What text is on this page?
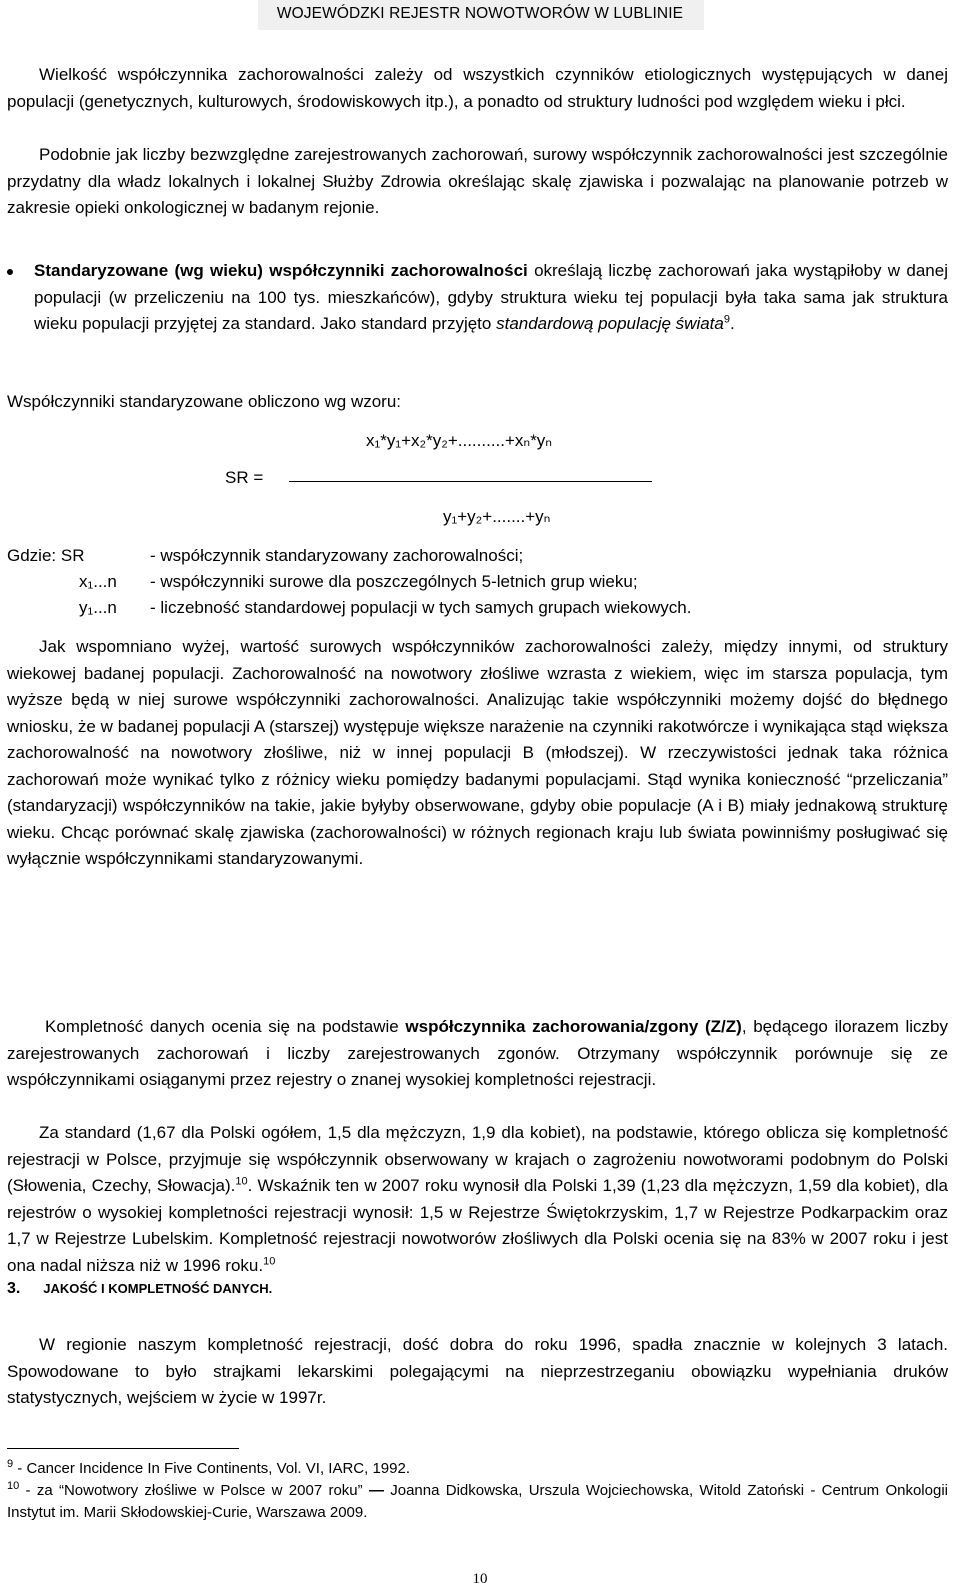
WOJEWÓDZKI REJESTR NOWOTWORÓW W LUBLINIE
Wielkość współczynnika zachorowalności zależy od wszystkich czynników etiologicznych występujących w danej populacji (genetycznych, kulturowych, środowiskowych itp.), a ponadto od struktury ludności pod względem wieku i płci.
Podobnie jak liczby bezwzględne zarejestrowanych zachorowań, surowy współczynnik zachorowalności jest szczególnie przydatny dla władz lokalnych i lokalnej Służby Zdrowia określając skalę zjawiska i pozwalając na planowanie potrzeb w zakresie opieki onkologicznej w badanym rejonie.
Standaryzowane (wg wieku) współczynniki zachorowalności określają liczbę zachorowań jaka wystąpiłoby w danej populacji (w przeliczeniu na 100 tys. mieszkańców), gdyby struktura wieku tej populacji była taka sama jak struktura wieku populacji przyjętej za standard. Jako standard przyjęto standardową populację świata$^9$.
Współczynniki standaryzowane obliczono wg wzoru:
x₁*y₁+x₂*y₂+..........+xₙ*yₙ
SR =
y₁+y₂+.......+yₙ
Gdzie: SR	- współczynnik standaryzowany zachorowalności;
x₁...n - współczynniki surowe dla poszczególnych 5-letnich grup wieku;
y₁...n - liczebność standardowej populacji w tych samych grupach wiekowych.
Jak wspomniano wyżej, wartość surowych współczynników zachorowalności zależy, między innymi, od struktury wiekowej badanej populacji. Zachorowalność na nowotwory złośliwe wzrasta z wiekiem, więc im starsza populacja, tym wyższe będą w niej surowe współczynniki zachorowalności. Analizując takie współczynniki możemy dojść do błędnego wniosku, że w badanej populacji A (starszej) występuje większe narażenie na czynniki rakotwórcze i wynikająca stąd większa zachorowalność na nowotwory złośliwe, niż w innej populacji B (młodszej). W rzeczywistości jednak taka różnica zachorowań może wynikać tylko z różnicy wieku pomiędzy badanymi populacjami. Stąd wynika konieczność “przeliczania” (standaryzacji) współczynników na takie, jakie byłyby obserwowane, gdyby obie populacje (A i B) miały jednakową strukturę wieku. Chcąc porównać skalę zjawiska (zachorowalności) w różnych regionach kraju lub świata powinniśmy posługiwać się wyłącznie współczynnikami standaryzowanymi.
3. JAKOŚĆ I KOMPLETNOŚĆ DANYCH.
Kompletność danych ocenia się na podstawie współczynnika zachorowania/zgony (Z/Z), będącego ilorazem liczby zarejestrowanych zachorowań i liczby zarejestrowanych zgonów. Otrzymany współczynnik porównuje się ze współczynnikami osiąganymi przez rejestry o znanej wysokiej kompletności rejestracji.
Za standard (1,67 dla Polski ogółem, 1,5 dla mężczyzn, 1,9 dla kobiet), na podstawie, którego oblicza się kompletność rejestracji w Polsce, przyjmuje się współczynnik obserwowany w krajach o zagrożeniu nowotworami podobnym do Polski (Słowenia, Czechy, Słowacja).$^{10}$. Wskaźnik ten w 2007 roku wynosił dla Polski 1,39 (1,23 dla mężczyzn, 1,59 dla kobiet), dla rejestrów o wysokiej kompletności rejestracji wynosił: 1,5 w Rejestrze Świętokrzyskim, 1,7 w Rejestrze Podkarpackim oraz 1,7 w Rejestrze Lubelskim. Kompletność rejestracji nowotworów złośliwych dla Polski ocenia się na 83% w 2007 roku i jest ona nadal niższa niż w 1996 roku.$^{10}$
W regionie naszym kompletność rejestracji, dość dobra do roku 1996, spadła znacznie w kolejnych 3 latach. Spowodowane to było strajkami lekarskimi polegającymi na nieprzestrzeganiu obowiązku wypełniania druków statystycznych, wejściem w życie w 1997r.
$^9$ - Cancer Incidence In Five Continents, Vol. VI, IARC, 1992.
$^{10}$ - za “Nowotwory złośliwe w Polsce w 2007 roku” — Joanna Didkowska, Urszula Wojciechowska, Witold Zatoński - Centrum Onkologii Instytut im. Marii Skłodowskiej-Curie, Warszawa 2009.
10
